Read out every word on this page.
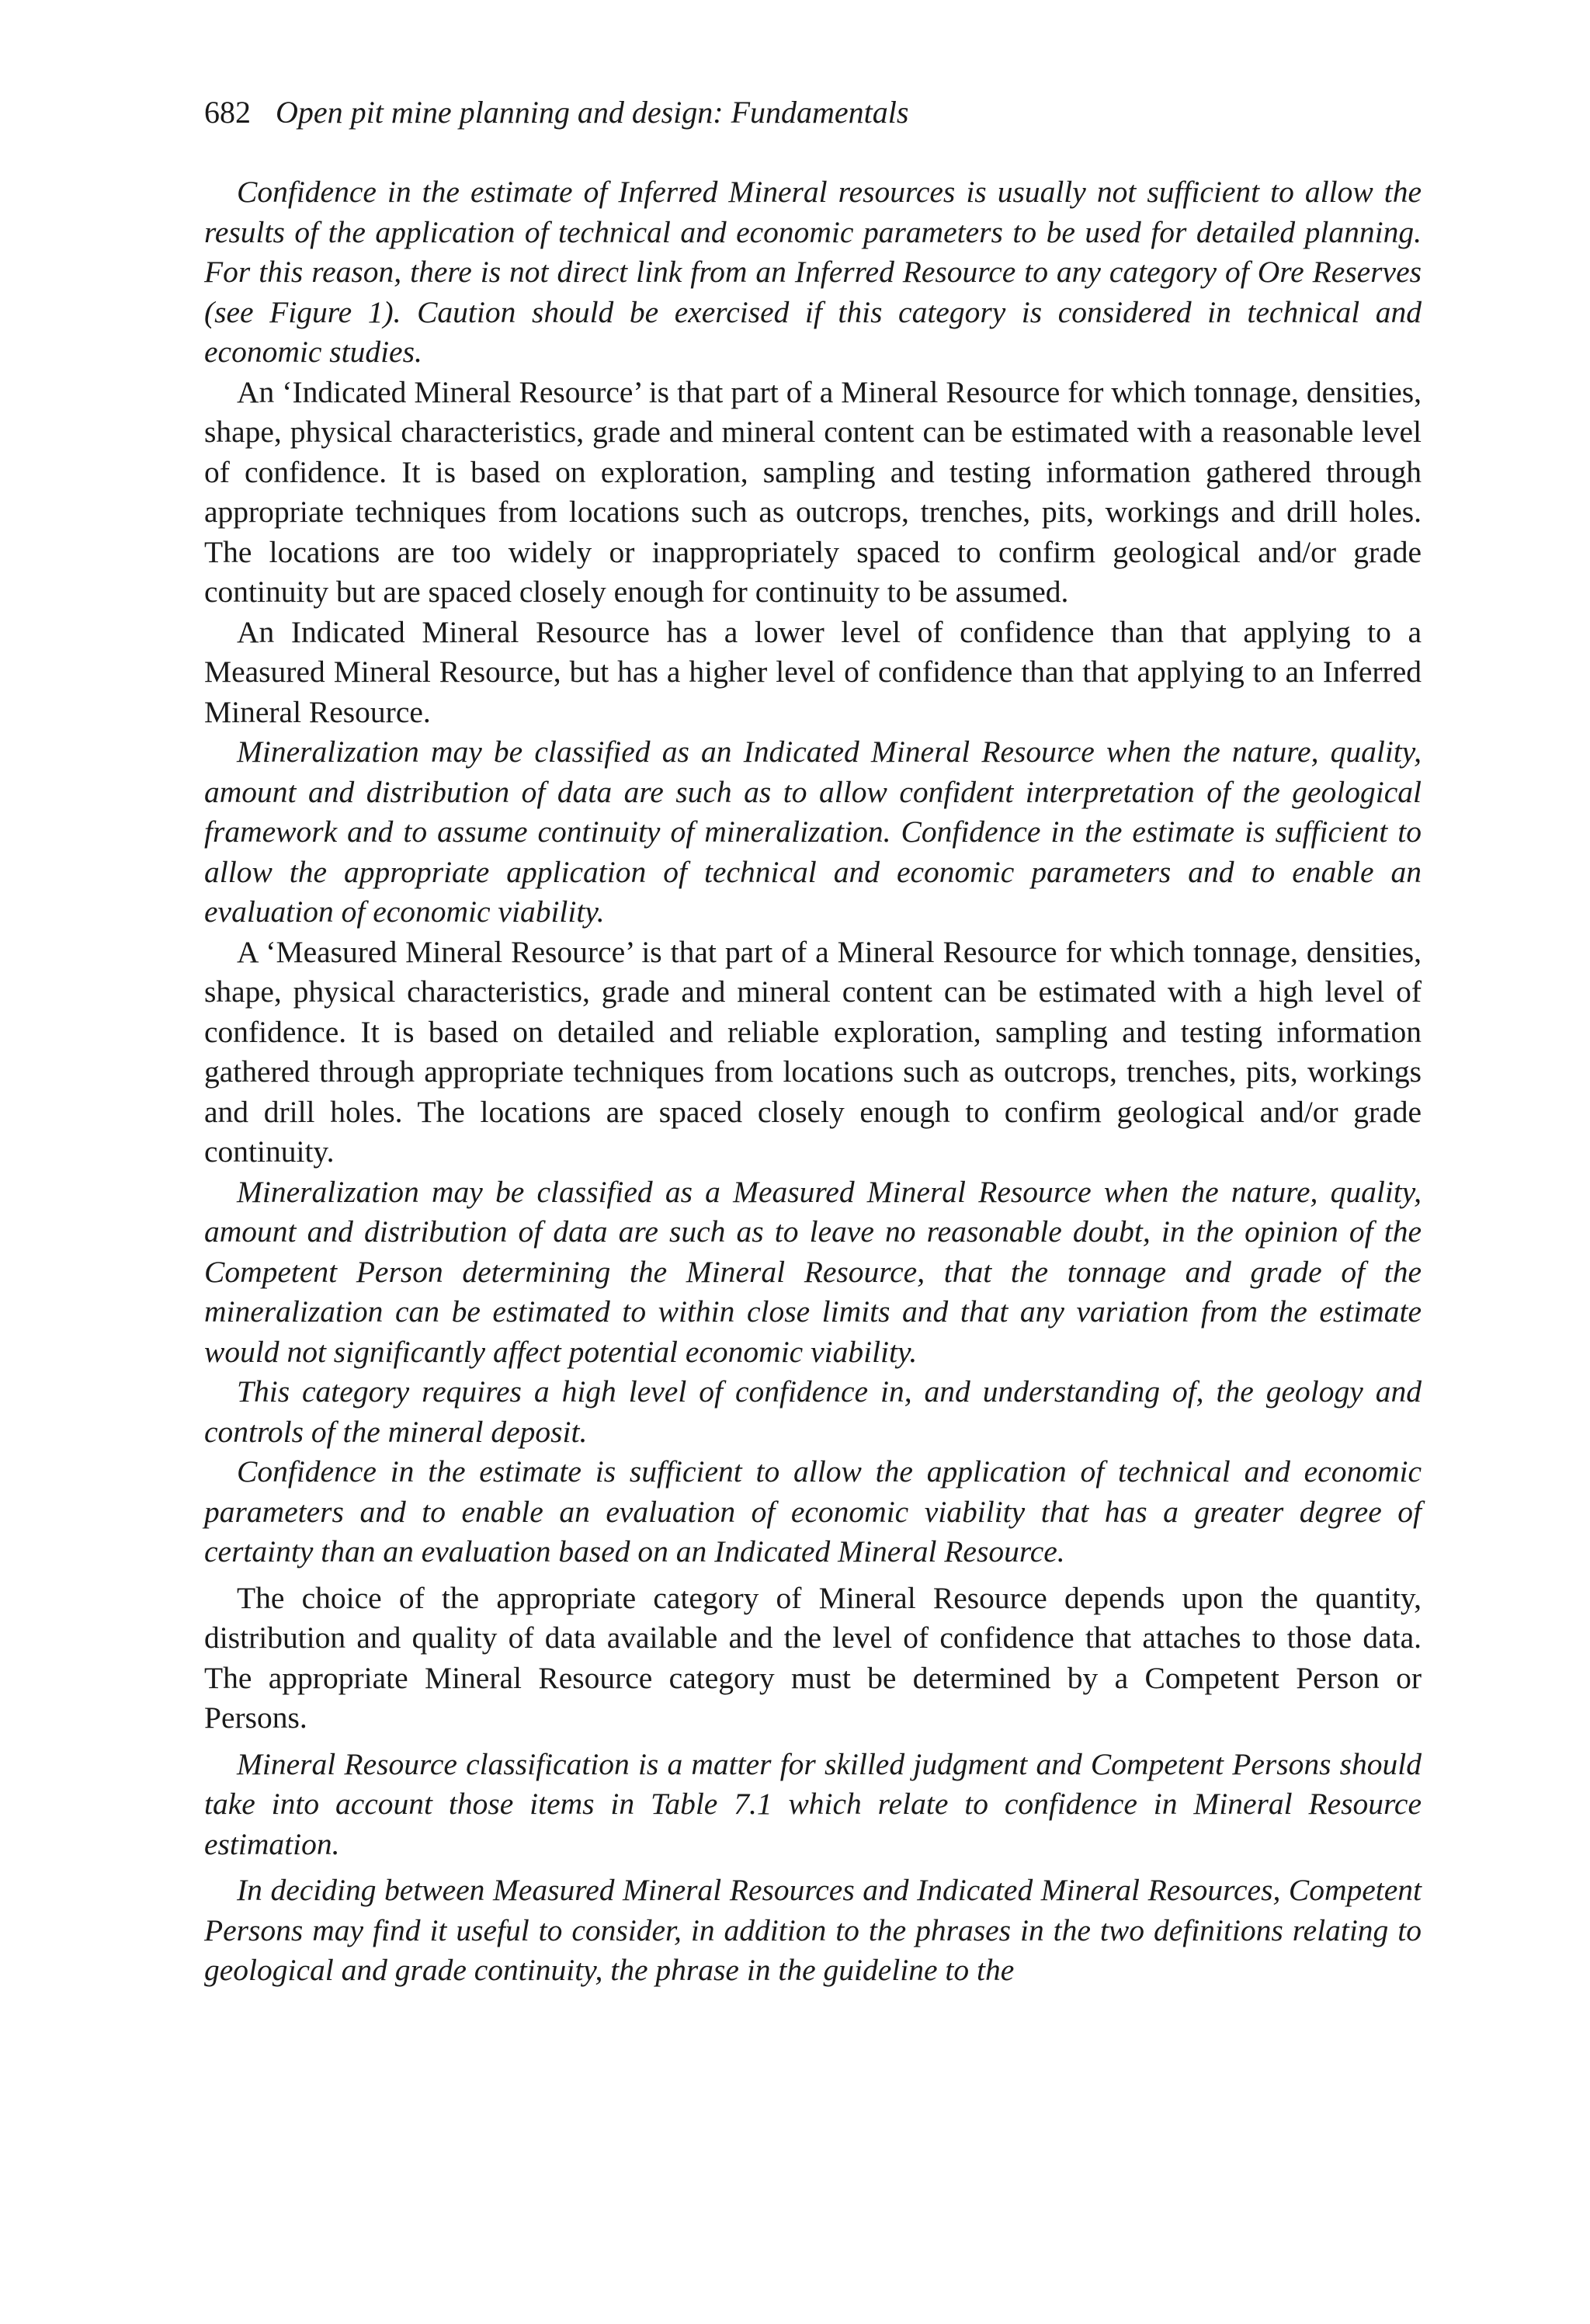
682 Open pit mine planning and design: Fundamentals

Confidence in the estimate of Inferred Mineral resources is usually not sufficient to allow the results of the application of technical and economic parameters to be used for detailed planning. For this reason, there is not direct link from an Inferred Resource to any category of Ore Reserves (see Figure 1). Caution should be exercised if this category is considered in technical and economic studies.

An ‘Indicated Mineral Resource’ is that part of a Mineral Resource for which tonnage, densities, shape, physical characteristics, grade and mineral content can be estimated with a reasonable level of confidence. It is based on exploration, sampling and testing information gathered through appropriate techniques from locations such as outcrops, trenches, pits, workings and drill holes. The locations are too widely or inappropriately spaced to confirm geological and/or grade continuity but are spaced closely enough for continuity to be assumed.

An Indicated Mineral Resource has a lower level of confidence than that applying to a Measured Mineral Resource, but has a higher level of confidence than that applying to an Inferred Mineral Resource.

Mineralization may be classified as an Indicated Mineral Resource when the nature, quality, amount and distribution of data are such as to allow confident interpretation of the geological framework and to assume continuity of mineralization. Confidence in the estimate is sufficient to allow the appropriate application of technical and economic parameters and to enable an evaluation of economic viability.

A ‘Measured Mineral Resource’ is that part of a Mineral Resource for which tonnage, densities, shape, physical characteristics, grade and mineral content can be estimated with a high level of confidence. It is based on detailed and reliable exploration, sampling and testing information gathered through appropriate techniques from locations such as outcrops, trenches, pits, workings and drill holes. The locations are spaced closely enough to confirm geological and/or grade continuity.

Mineralization may be classified as a Measured Mineral Resource when the nature, quality, amount and distribution of data are such as to leave no reasonable doubt, in the opinion of the Competent Person determining the Mineral Resource, that the tonnage and grade of the mineralization can be estimated to within close limits and that any variation from the estimate would not significantly affect potential economic viability.

This category requires a high level of confidence in, and understanding of, the geology and controls of the mineral deposit.

Confidence in the estimate is sufficient to allow the application of technical and economic parameters and to enable an evaluation of economic viability that has a greater degree of certainty than an evaluation based on an Indicated Mineral Resource.

The choice of the appropriate category of Mineral Resource depends upon the quantity, distribution and quality of data available and the level of confidence that attaches to those data. The appropriate Mineral Resource category must be determined by a Competent Person or Persons.

Mineral Resource classification is a matter for skilled judgment and Competent Persons should take into account those items in Table 7.1 which relate to confidence in Mineral Resource estimation.

In deciding between Measured Mineral Resources and Indicated Mineral Resources, Competent Persons may find it useful to consider, in addition to the phrases in the two definitions relating to geological and grade continuity, the phrase in the guideline to the
